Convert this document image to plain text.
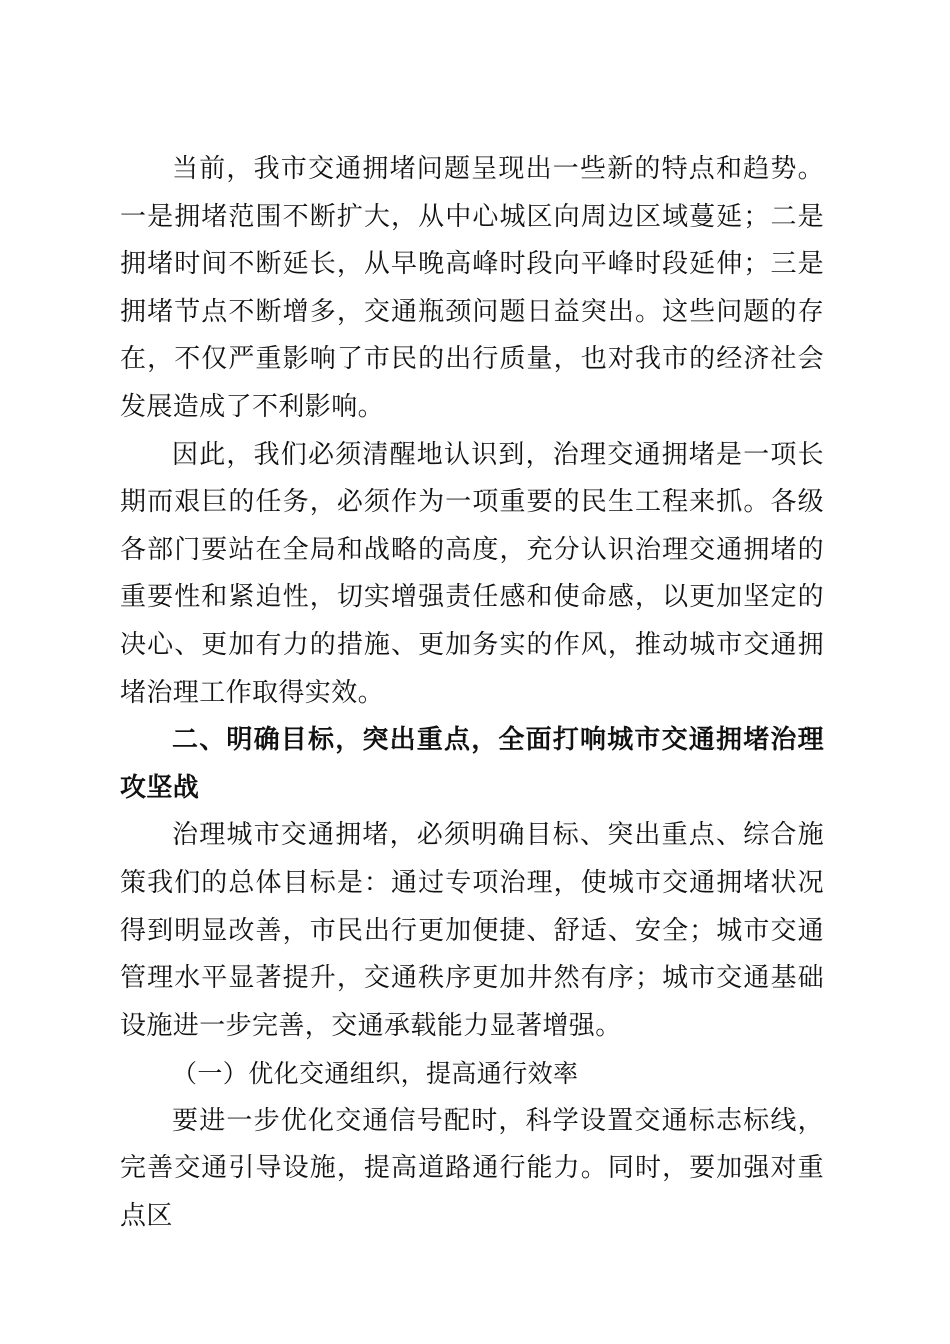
当前，我市交通拥堵问题呈现出一些新的特点和趋势。一是拥堵范围不断扩大，从中心城区向周边区域蔓延；二是拥堵时间不断延长，从早晚高峰时段向平峰时段延伸；三是拥堵节点不断增多，交通瓶颈问题日益突出。这些问题的存在，不仅严重影响了市民的出行质量，也对我市的经济社会发展造成了不利影响。

因此，我们必须清醒地认识到，治理交通拥堵是一项长期而艰巨的任务，必须作为一项重要的民生工程来抓。各级各部门要站在全局和战略的高度，充分认识治理交通拥堵的重要性和紧迫性，切实增强责任感和使命感，以更加坚定的决心、更加有力的措施、更加务实的作风，推动城市交通拥堵治理工作取得实效。

二、明确目标，突出重点，全面打响城市交通拥堵治理攻坚战

治理城市交通拥堵，必须明确目标、突出重点、综合施策我们的总体目标是：通过专项治理，使城市交通拥堵状况得到明显改善，市民出行更加便捷、舒适、安全；城市交通管理水平显著提升，交通秩序更加井然有序；城市交通基础设施进一步完善，交通承载能力显著增强。

（一）优化交通组织，提高通行效率

要进一步优化交通信号配时，科学设置交通标志标线，完善交通引导设施，提高道路通行能力。同时，要加强对重点区
